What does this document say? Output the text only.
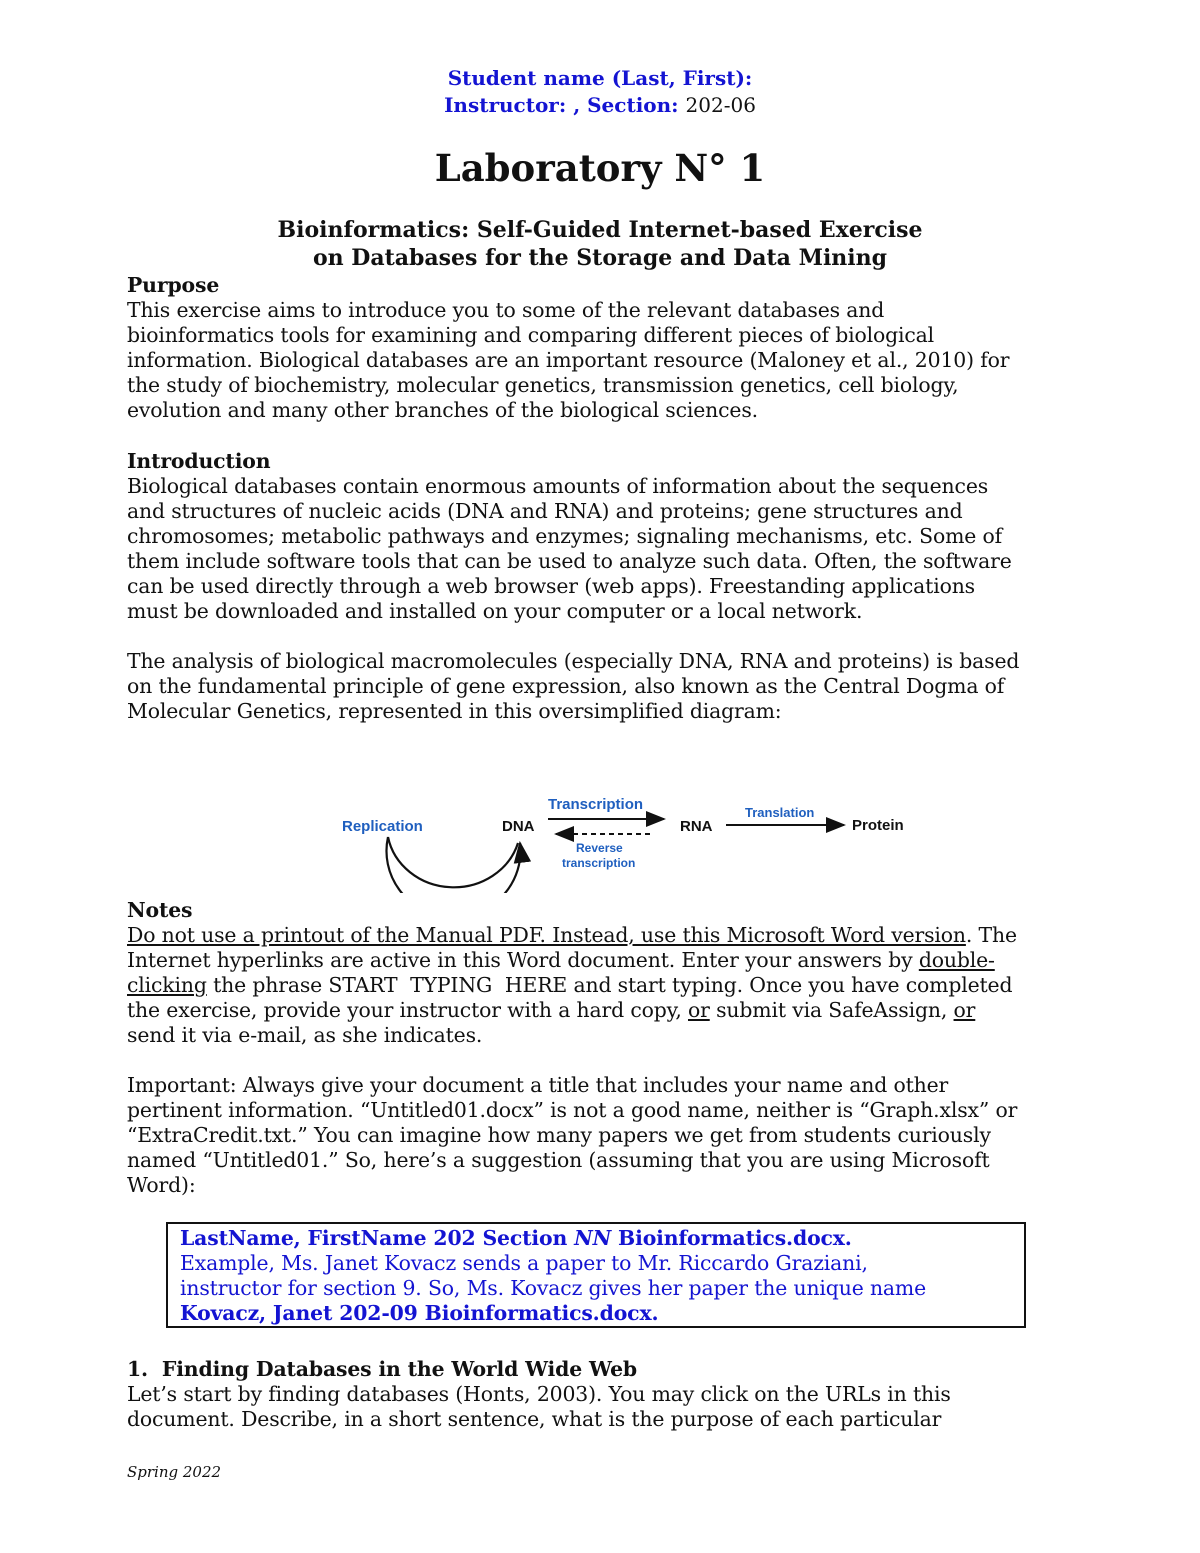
Student name (Last, First):
Instructor: , Section: 202-06
Laboratory N° 1
Bioinformatics: Self-Guided Internet-based Exercise
on Databases for the Storage and Data Mining
Purpose
This exercise aims to introduce you to some of the relevant databases and
bioinformatics tools for examining and comparing different pieces of biological
information. Biological databases are an important resource (Maloney et al., 2010) for
the study of biochemistry, molecular genetics, transmission genetics, cell biology,
evolution and many other branches of the biological sciences.
Introduction
Biological databases contain enormous amounts of information about the sequences
and structures of nucleic acids (DNA and RNA) and proteins; gene structures and
chromosomes; metabolic pathways and enzymes; signaling mechanisms, etc. Some of
them include software tools that can be used to analyze such data. Often, the software
can be used directly through a web browser (web apps). Freestanding applications
must be downloaded and installed on your computer or a local network.

The analysis of biological macromolecules (especially DNA, RNA and proteins) is based
on the fundamental principle of gene expression, also known as the Central Dogma of
Molecular Genetics, represented in this oversimplified diagram:
Replication	DNA
Transcription
Reverse
transcription
RNA
Translation
Protein
Notes
Do not use a printout of the Manual PDF. Instead, use this Microsoft Word version. The
Internet hyperlinks are active in this Word document. Enter your answers by double-
clicking the phrase START  TYPING  HERE and start typing. Once you have completed
the exercise, provide your instructor with a hard copy, or submit via SafeAssign, or
send it via e-mail, as she indicates.

Important: Always give your document a title that includes your name and other
pertinent information. “Untitled01.docx” is not a good name, neither is “Graph.xlsx” or
“ExtraCredit.txt.” You can imagine how many papers we get from students curiously
named “Untitled01.” So, here’s a suggestion (assuming that you are using Microsoft
Word):
LastName, FirstName 202 Section NN Bioinformatics.docx.
Example, Ms. Janet Kovacz sends a paper to Mr. Riccardo Graziani,
instructor for section 9. So, Ms. Kovacz gives her paper the unique name
Kovacz, Janet 202-09 Bioinformatics.docx.
1.  Finding Databases in the World Wide Web
Let’s start by finding databases (Honts, 2003). You may click on the URLs in this
document. Describe, in a short sentence, what is the purpose of each particular
Spring 2022
